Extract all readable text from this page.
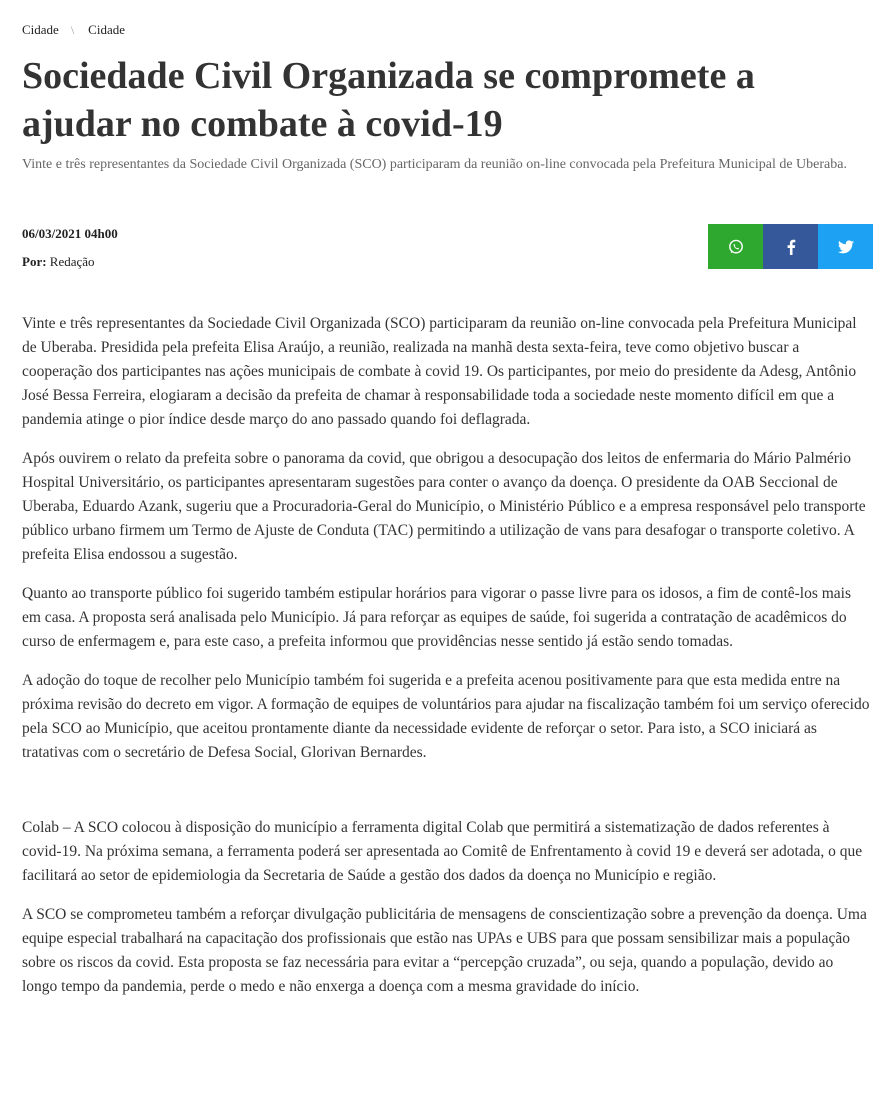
Cidade \ Cidade
Sociedade Civil Organizada se compromete a ajudar no combate à covid-19

Vinte e três representantes da Sociedade Civil Organizada (SCO) participaram da reunião on-line convocada pela Prefeitura Municipal de Uberaba.

06/03/2021 04h00
Por: Redação

Vinte e três representantes da Sociedade Civil Organizada (SCO) participaram da reunião on-line convocada pela Prefeitura Municipal de Uberaba. Presidida pela prefeita Elisa Araújo, a reunião, realizada na manhã desta sexta-feira, teve como objetivo buscar a cooperação dos participantes nas ações municipais de combate à covid 19. Os participantes, por meio do presidente da Adesg, Antônio José Bessa Ferreira, elogiaram a decisão da prefeita de chamar à responsabilidade toda a sociedade neste momento difícil em que a pandemia atinge o pior índice desde março do ano passado quando foi deflagrada.

Após ouvirem o relato da prefeita sobre o panorama da covid, que obrigou a desocupação dos leitos de enfermaria do Mário Palmério Hospital Universitário, os participantes apresentaram sugestões para conter o avanço da doença. O presidente da OAB Seccional de Uberaba, Eduardo Azank, sugeriu que a Procuradoria-Geral do Município, o Ministério Público e a empresa responsável pelo transporte público urbano firmem um Termo de Ajuste de Conduta (TAC) permitindo a utilização de vans para desafogar o transporte coletivo. A prefeita Elisa endossou a sugestão.

Quanto ao transporte público foi sugerido também estipular horários para vigorar o passe livre para os idosos, a fim de contê-los mais em casa. A proposta será analisada pelo Município. Já para reforçar as equipes de saúde, foi sugerida a contratação de acadêmicos do curso de enfermagem e, para este caso, a prefeita informou que providências nesse sentido já estão sendo tomadas.

A adoção do toque de recolher pelo Município também foi sugerida e a prefeita acenou positivamente para que esta medida entre na próxima revisão do decreto em vigor. A formação de equipes de voluntários para ajudar na fiscalização também foi um serviço oferecido pela SCO ao Município, que aceitou prontamente diante da necessidade evidente de reforçar o setor. Para isto, a SCO iniciará as tratativas com o secretário de Defesa Social, Glorivan Bernardes.

Colab – A SCO colocou à disposição do município a ferramenta digital Colab que permitirá a sistematização de dados referentes à covid-19. Na próxima semana, a ferramenta poderá ser apresentada ao Comitê de Enfrentamento à covid 19 e deverá ser adotada, o que facilitará ao setor de epidemiologia da Secretaria de Saúde a gestão dos dados da doença no Município e região.

A SCO se comprometeu também a reforçar divulgação publicitária de mensagens de conscientização sobre a prevenção da doença. Uma equipe especial trabalhará na capacitação dos profissionais que estão nas UPAs e UBS para que possam sensibilizar mais a população sobre os riscos da covid. Esta proposta se faz necessária para evitar a “percepção cruzada”, ou seja, quando a população, devido ao longo tempo da pandemia, perde o medo e não enxerga a doença com a mesma gravidade do início.
